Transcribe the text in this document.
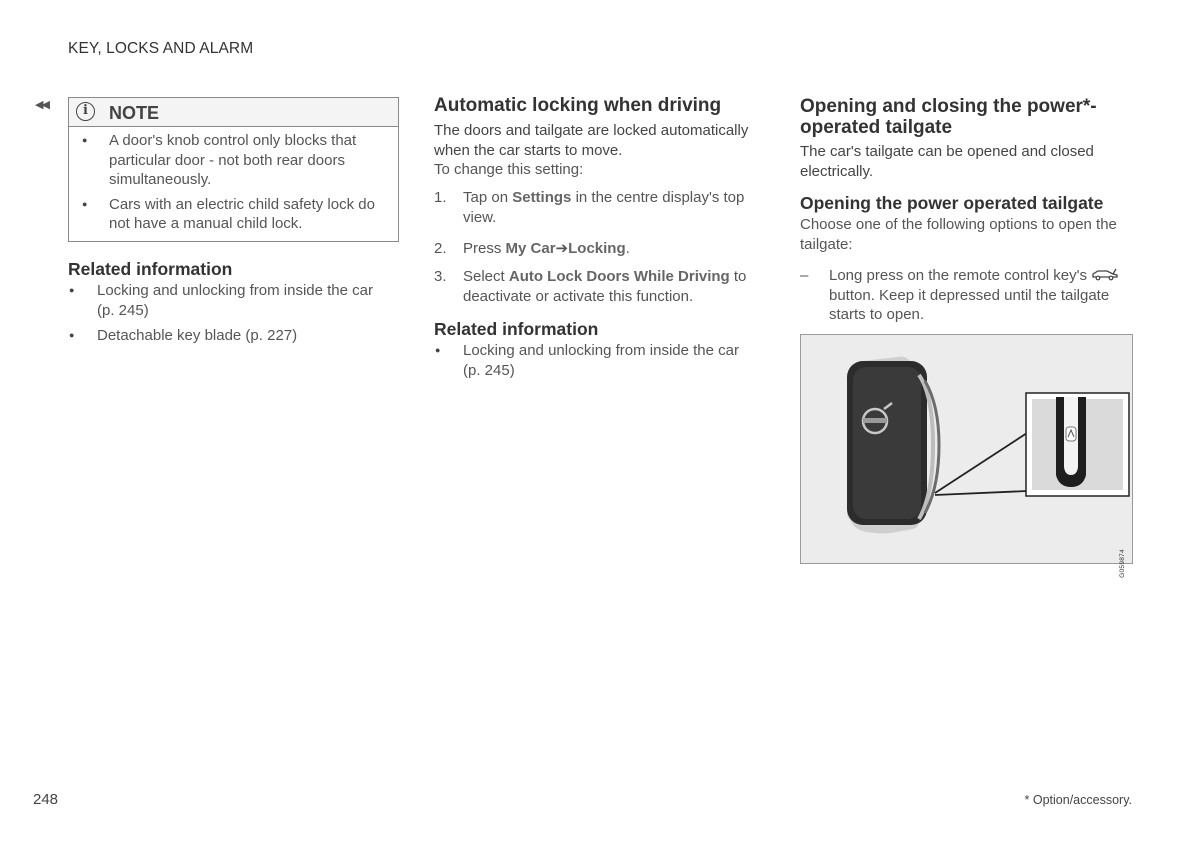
KEY, LOCKS AND ALARM
◀◀	i	NOTE
● A door's knob control only blocks that particular door - not both rear doors simultaneously.
● Cars with an electric child safety lock do not have a manual child lock.
Related information
● Locking and unlocking from inside the car (p. 245)
● Detachable key blade (p. 227)
Automatic locking when driving
The doors and tailgate are locked automatically when the car starts to move.
To change this setting:
1. Tap on Settings in the centre display's top view.
2. Press My Car➔Locking.
3. Select Auto Lock Doors While Driving to deactivate or activate this function.
Related information
● Locking and unlocking from inside the car (p. 245)
Opening and closing the power*-operated tailgate
The car's tailgate can be opened and closed electrically.
Opening the power operated tailgate
Choose one of the following options to open the tailgate:
– Long press on the remote control key's  button. Keep it depressed until the tailgate starts to open.
G059874
248	* Option/accessory.
